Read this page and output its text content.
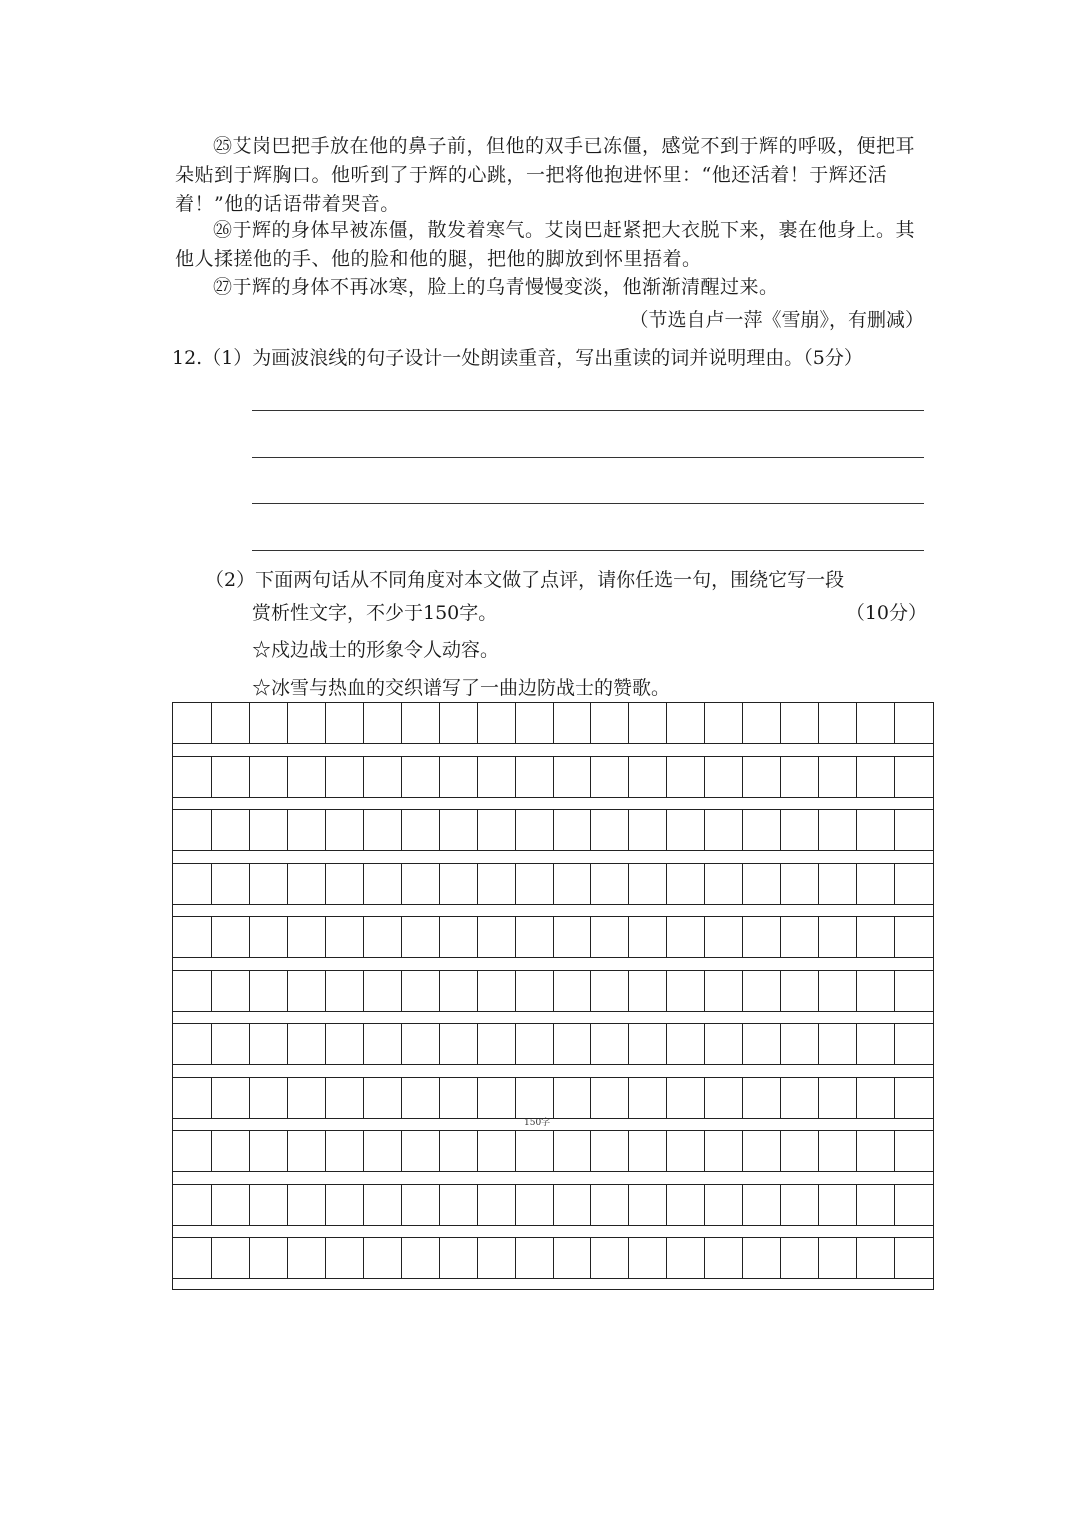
㉕艾岗巴把手放在他的鼻子前，但他的双手已冻僵，感觉不到于辉的呼吸，便把耳朵贴到于辉胸口。他听到了于辉的心跳，一把将他抱进怀里：“他还活着！于辉还活着！”他的话语带着哭音。

㉖于辉的身体早被冻僵，散发着寒气。艾岗巴赶紧把大衣脱下来，裹在他身上。其他人揉搓他的手、他的脸和他的腿，把他的脚放到怀里捂着。

㉗于辉的身体不再冰寒，脸上的乌青慢慢变淡，他渐渐清醒过来。

（节选自卢一萍《雪崩》，有删减）
12.（1）为画波浪线的句子设计一处朗读重音，写出重读的词并说明理由。（5分）
（2）下面两句话从不同角度对本文做了点评，请你任选一句，围绕它写一段
赏析性文字，不少于150字。	（10分）
☆戍边战士的形象令人动容。
☆冰雪与热血的交织谱写了一曲边防战士的赞歌。
150字
